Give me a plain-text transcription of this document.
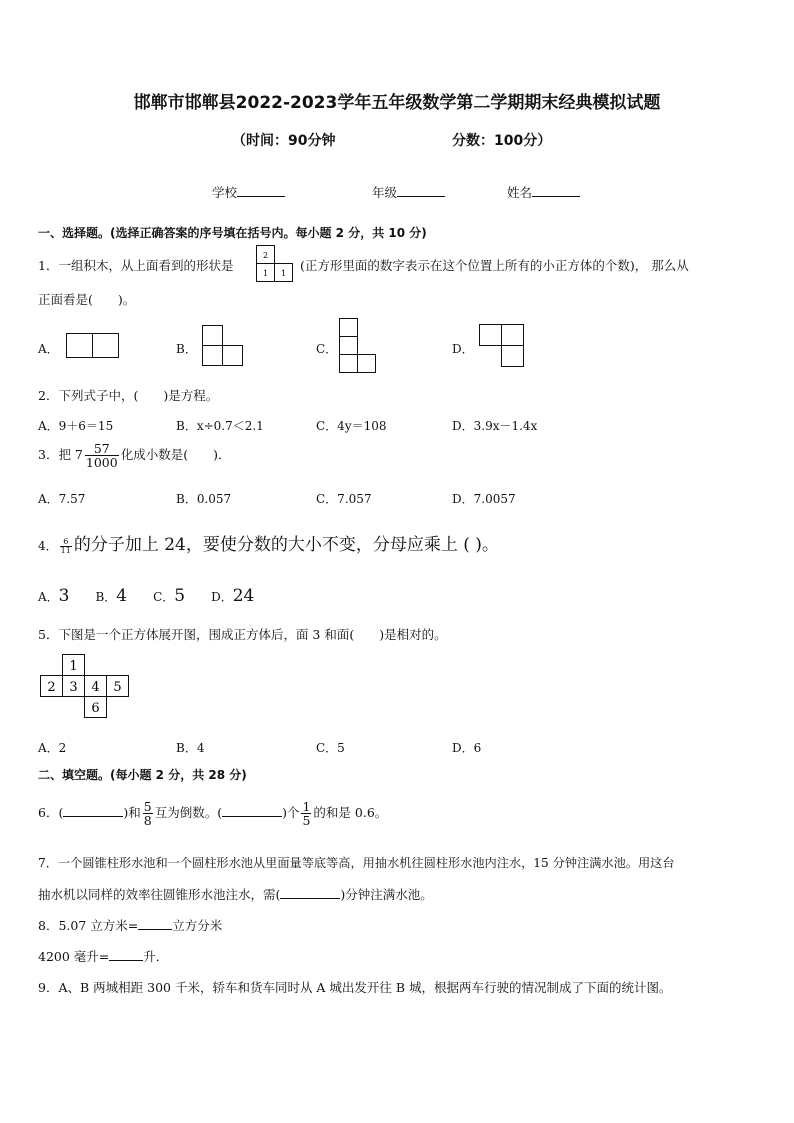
邯郸市邯郸县2022-2023学年五年级数学第二学期期末经典模拟试题
（时间：90分钟	分数：100分）
学校	年级	姓名
一、选择题。(选择正确答案的序号填在括号内。每小题 2 分，共 10 分)
1．一组积木，从上面看到的形状是
2
1 1
(正方形里面的数字表示在这个位置上所有的小正方体的个数)， 那么从
正面看是(　　)。
A．	B．	C．	D．
2．下列式子中，(　　)是方程。
A．9＋6＝15	B．x÷0.7＜2.1	C．4y＝108	D．3.9x－1.4x
3．把 $7 \frac{57}{1000}$ 化成小数是(　　)．
A．7.57	B．0.057	C．7.057	D．7.0057
4． $\frac{6}{11}$ 的分子加上 24，要使分数的大小不变，分母应乘上 ( )。
A．3 B．4 C．5 D．24
5．下图是一个正方体展开图，围成正方体后，面 3 和面(　　)是相对的。
1
2 3 4 5
6
A．2	B．4	C．5	D．6
二、填空题。(每小题 2 分，共 28 分)
6．(	)和 $\frac{5}{8}$ 互为倒数。(	)个 $\frac{1}{5}$ 的和是 0.6。
7．一个圆锥柱形水池和一个圆柱形水池从里面量等底等高，用抽水机往圆柱形水池内注水，15 分钟注满水池。用这台
抽水机以同样的效率往圆锥形水池注水，需(	)分钟注满水池。
8．5.07 立方米=	立方分米
4200 毫升=	升．
9．A、B 两城相距 300 千米，轿车和货车同时从 A 城出发开往 B 城，根据两车行驶的情况制成了下面的统计图。
